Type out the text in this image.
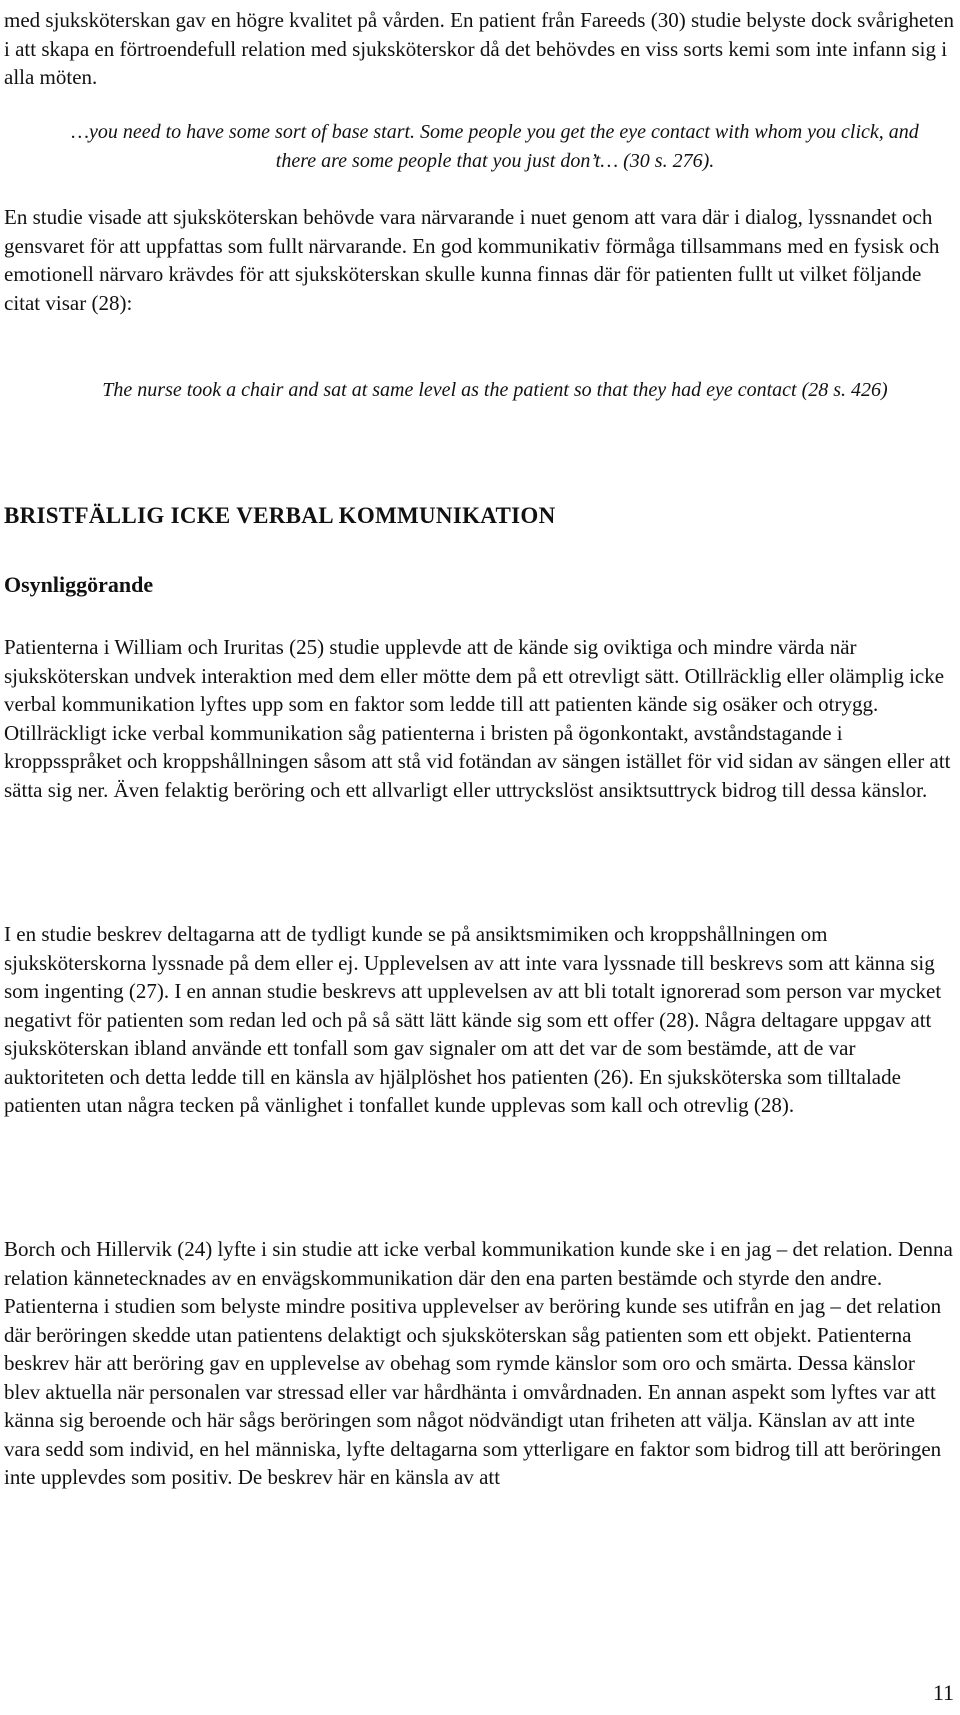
med sjuksköterskan gav en högre kvalitet på vården. En patient från Fareeds (30) studie belyste dock svårigheten i att skapa en förtroendefull relation med sjuksköterskor då det behövdes en viss sorts kemi som inte infann sig i alla möten.

…you need to have some sort of base start. Some people you get the eye contact with whom you click, and there are some people that you just don’t… (30 s. 276).

En studie visade att sjuksköterskan behövde vara närvarande i nuet genom att vara där i dialog, lyssnandet och gensvaret för att uppfattas som fullt närvarande. En god kommunikativ förmåga tillsammans med en fysisk och emotionell närvaro krävdes för att sjuksköterskan skulle kunna finnas där för patienten fullt ut vilket följande citat visar (28):

The nurse took a chair and sat at same level as the patient so that they had eye contact (28 s. 426)

BRISTFÄLLIG ICKE VERBAL KOMMUNIKATION
Osynliggörande

Patienterna i William och Iruritas (25) studie upplevde att de kände sig oviktiga och mindre värda när sjuksköterskan undvek interaktion med dem eller mötte dem på ett otrevligt sätt. Otillräcklig eller olämplig icke verbal kommunikation lyftes upp som en faktor som ledde till att patienten kände sig osäker och otrygg. Otillräckligt icke verbal kommunikation såg patienterna i bristen på ögonkontakt, avståndstagande i kroppsspråket och kroppshållningen såsom att stå vid fotändan av sängen istället för vid sidan av sängen eller att sätta sig ner. Även felaktig beröring och ett allvarligt eller uttryckslöst ansiktsuttryck bidrog till dessa känslor.

I en studie beskrev deltagarna att de tydligt kunde se på ansiktsmimiken och kroppshållningen om sjuksköterskorna lyssnade på dem eller ej. Upplevelsen av att inte vara lyssnade till beskrevs som att känna sig som ingenting (27). I en annan studie beskrevs att upplevelsen av att bli totalt ignorerad som person var mycket negativt för patienten som redan led och på så sätt lätt kände sig som ett offer (28). Några deltagare uppgav att sjuksköterskan ibland använde ett tonfall som gav signaler om att det var de som bestämde, att de var auktoriteten och detta ledde till en känsla av hjälplöshet hos patienten (26). En sjuksköterska som tilltalade patienten utan några tecken på vänlighet i tonfallet kunde upplevas som kall och otrevlig (28).

Borch och Hillervik (24) lyfte i sin studie att icke verbal kommunikation kunde ske i en jag – det relation. Denna relation kännetecknades av en envägskommunikation där den ena parten bestämde och styrde den andre. Patienterna i studien som belyste mindre positiva upplevelser av beröring kunde ses utifrån en jag – det relation där beröringen skedde utan patientens delaktigt och sjuksköterskan såg patienten som ett objekt. Patienterna beskrev här att beröring gav en upplevelse av obehag som rymde känslor som oro och smärta. Dessa känslor blev aktuella när personalen var stressad eller var hårdhänta i omvårdnaden. En annan aspekt som lyftes var att känna sig beroende och här sågs beröringen som något nödvändigt utan friheten att välja. Känslan av att inte vara sedd som individ, en hel människa, lyfte deltagarna som ytterligare en faktor som bidrog till att beröringen inte upplevdes som positiv. De beskrev här en känsla av att

11
